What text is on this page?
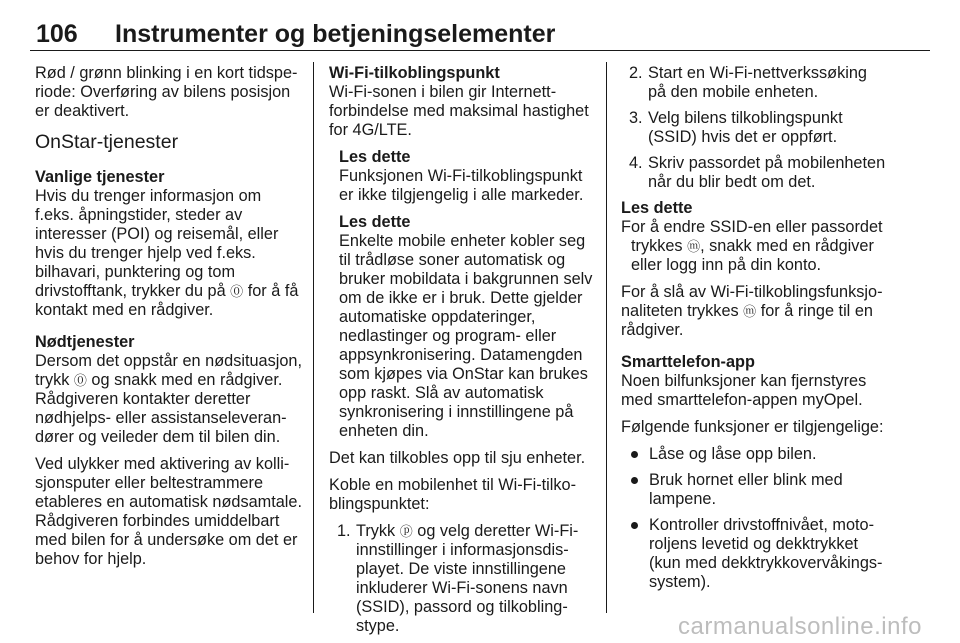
106 Instrumenter og betjeningselementer

Rød / grønn blinking i en kort tidsperiode: Overføring av bilens posisjon er deaktivert.

OnStar-tjenester

Vanlige tjenester

Hvis du trenger informasjon om f.eks. åpningstider, steder av interesser (POI) og reisemål, eller hvis du trenger hjelp ved f.eks. bilhavari, punktering og tom drivstofftank, trykker du på ⓪ for å få kontakt med en rådgiver.

Nødtjenester

Dersom det oppstår en nødsituasjon, trykk ⓪ og snakk med en rådgiver. Rådgiveren kontakter deretter nødhjelps- eller assistanseleverandører og veileder dem til bilen din.

Ved ulykker med aktivering av kollisjonsputer eller beltestrammere etableres en automatisk nødsamtale. Rådgiveren forbindes umiddelbart med bilen for å undersøke om det er behov for hjelp.

Wi-Fi-tilkoblingspunkt

Wi-Fi-sonen i bilen gir Internettforbindelse med maksimal hastighet for 4G/LTE.

Les dette

Funksjonen Wi-Fi-tilkoblingspunkt er ikke tilgjengelig i alle markeder.

Les dette

Enkelte mobile enheter kobler seg til trådløse soner automatisk og bruker mobildata i bakgrunnen selv om de ikke er i bruk. Dette gjelder automatiske oppdateringer, nedlastinger og program- eller appsynkronisering. Datamengden som kjøpes via OnStar kan brukes opp raskt. Slå av automatisk synkronisering i innstillingene på enheten din.

Det kan tilkobles opp til sju enheter.

Koble en mobilenhet til Wi-Fi-tilkoblingspunktet:

1. Trykk ⓟ og velg deretter Wi-Fi-innstillinger i informasjonsdisplayet. De viste innstillingene inkluderer Wi-Fi-sonens navn (SSID), passord og tilkoblingstype.
2. Start en Wi-Fi-nettverkssøking på den mobile enheten.
3. Velg bilens tilkoblingspunkt (SSID) hvis det er oppført.
4. Skriv passordet på mobilenheten når du blir bedt om det.

Les dette

For å endre SSID-en eller passordet trykkes ⓜ, snakk med en rådgiver eller logg inn på din konto.

For å slå av Wi-Fi-tilkoblingsfunksjonaliteten trykkes ⓜ for å ringe til en rådgiver.

Smarttelefon-app

Noen bilfunksjoner kan fjernstyres med smarttelefon-appen myOpel.

Følgende funksjoner er tilgjengelige:

Låse og låse opp bilen.
Bruk hornet eller blink med lampene.
Kontroller drivstoffnivået, motoroljens levetid og dekktrykket (kun med dekktrykkovervåkingssystem).
carmanualsonline.info
